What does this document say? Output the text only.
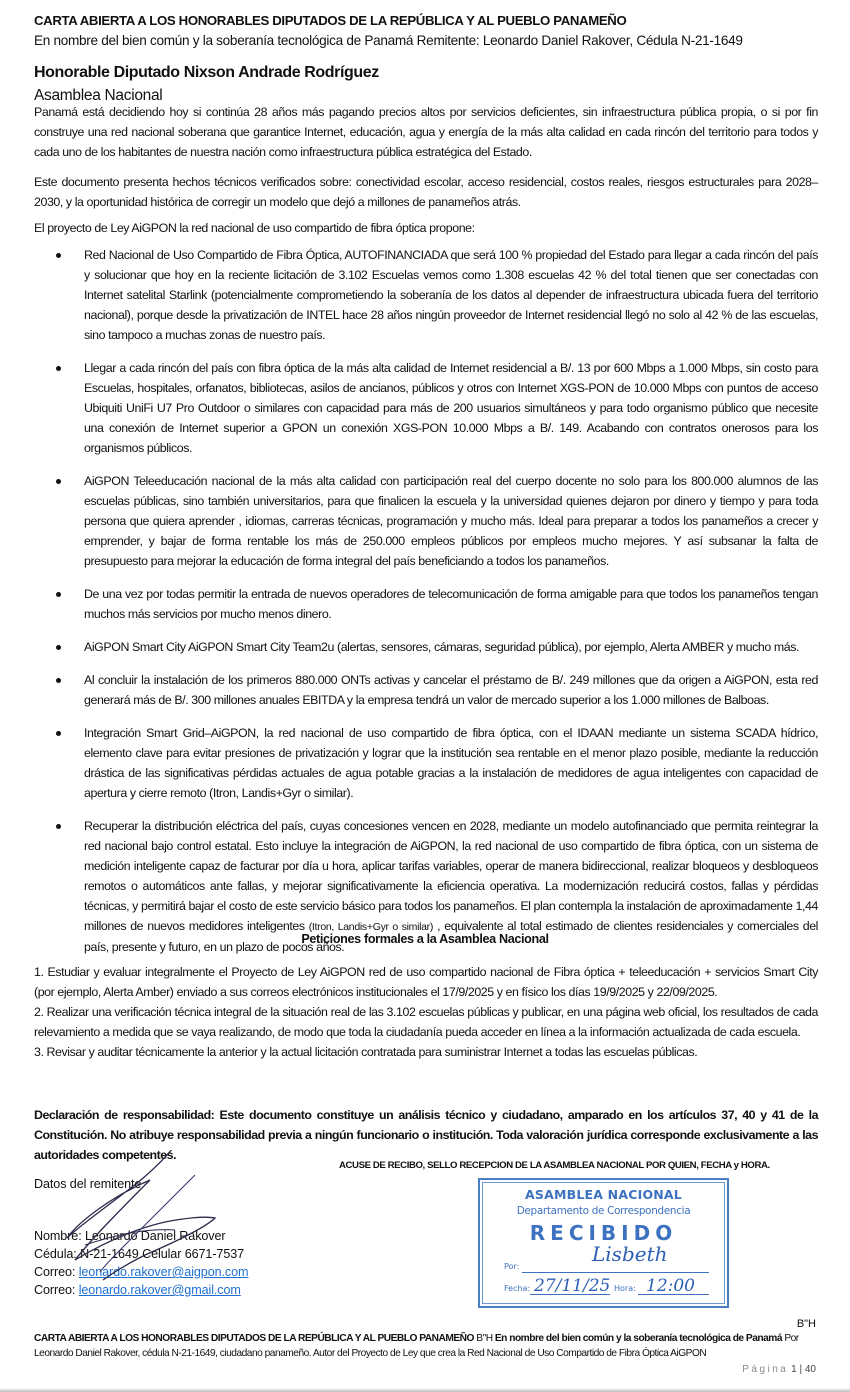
CARTA ABIERTA A LOS HONORABLES DIPUTADOS DE LA REPÚBLICA Y AL PUEBLO PANAMEÑO
En nombre del bien común y la soberanía tecnológica de Panamá Remitente: Leonardo Daniel Rakover, Cédula N-21-1649
Honorable Diputado Nixson Andrade Rodríguez
Asamblea Nacional

Panamá está decidiendo hoy si continúa 28 años más pagando precios altos por servicios deficientes, sin infraestructura pública propia, o si por fin construye una red nacional soberana que garantice Internet, educación, agua y energía de la más alta calidad en cada rincón del territorio para todos y cada uno de los habitantes de nuestra nación como infraestructura pública estratégica del Estado.

Este documento presenta hechos técnicos verificados sobre: conectividad escolar, acceso residencial, costos reales, riesgos estructurales para 2028–2030, y la oportunidad histórica de corregir un modelo que dejó a millones de panameños atrás.

El proyecto de Ley AiGPON la red nacional de uso compartido de fibra óptica propone:

Red Nacional de Uso Compartido de Fibra Óptica, AUTOFINANCIADA que será 100 % propiedad del Estado para llegar a cada rincón del país y solucionar que hoy en la reciente licitación de 3.102 Escuelas vemos como 1.308 escuelas 42 % del total tienen que ser conectadas con Internet satelital Starlink (potencialmente comprometiendo la soberanía de los datos al depender de infraestructura ubicada fuera del territorio nacional), porque desde la privatización de INTEL hace 28 años ningún proveedor de Internet residencial llegó no solo al 42 % de las escuelas, sino tampoco a muchas zonas de nuestro país.
Llegar a cada rincón del país con fibra óptica de la más alta calidad de Internet residencial a B/. 13 por 600 Mbps a 1.000 Mbps, sin costo para Escuelas, hospitales, orfanatos, bibliotecas, asilos de ancianos, públicos y otros con Internet XGS-PON de 10.000 Mbps con puntos de acceso Ubiquiti UniFi U7 Pro Outdoor o similares con capacidad para más de 200 usuarios simultáneos y para todo organismo público que necesite una conexión de Internet superior a GPON un conexión XGS-PON 10.000 Mbps a B/. 149. Acabando con contratos onerosos para los organismos públicos.
AiGPON Teleeducación nacional de la más alta calidad con participación real del cuerpo docente no solo para los 800.000 alumnos de las escuelas públicas, sino también universitarios, para que finalicen la escuela y la universidad quienes dejaron por dinero y tiempo y para toda persona que quiera aprender , idiomas, carreras técnicas, programación y mucho más. Ideal para preparar a todos los panameños a crecer y emprender, y bajar de forma rentable los más de 250.000 empleos públicos por empleos mucho mejores. Y así subsanar la falta de presupuesto para mejorar la educación de forma integral del país beneficiando a todos los panameños.
De una vez por todas permitir la entrada de nuevos operadores de telecomunicación de forma amigable para que todos los panameños tengan muchos más servicios por mucho menos dinero.
AiGPON Smart City AiGPON Smart City Team2u (alertas, sensores, cámaras, seguridad pública), por ejemplo, Alerta AMBER y mucho más.
Al concluir la instalación de los primeros 880.000 ONTs activas y cancelar el préstamo de B/. 249 millones que da origen a AiGPON, esta red generará más de B/. 300 millones anuales EBITDA y la empresa tendrá un valor de mercado superior a los 1.000 millones de Balboas.
Integración Smart Grid–AiGPON, la red nacional de uso compartido de fibra óptica, con el IDAAN mediante un sistema SCADA hídrico, elemento clave para evitar presiones de privatización y lograr que la institución sea rentable en el menor plazo posible, mediante la reducción drástica de las significativas pérdidas actuales de agua potable gracias a la instalación de medidores de agua inteligentes con capacidad de apertura y cierre remoto (Itron, Landis+Gyr o similar).
Recuperar la distribución eléctrica del país, cuyas concesiones vencen en 2028, mediante un modelo autofinanciado que permita reintegrar la red nacional bajo control estatal. Esto incluye la integración de AiGPON, la red nacional de uso compartido de fibra óptica, con un sistema de medición inteligente capaz de facturar por día u hora, aplicar tarifas variables, operar de manera bidireccional, realizar bloqueos y desbloqueos remotos o automáticos ante fallas, y mejorar significativamente la eficiencia operativa. La modernización reducirá costos, fallas y pérdidas técnicas, y permitirá bajar el costo de este servicio básico para todos los panameños. El plan contempla la instalación de aproximadamente 1,44 millones de nuevos medidores inteligentes (Itron, Landis+Gyr o similar) , equivalente al total estimado de clientes residenciales y comerciales del país, presente y futuro, en un plazo de pocos años.
Peticiones formales a la Asamblea Nacional

1. Estudiar y evaluar integralmente el Proyecto de Ley AiGPON red de uso compartido nacional de Fibra óptica + teleeducación + servicios Smart City (por ejemplo, Alerta Amber) enviado a sus correos electrónicos institucionales el 17/9/2025 y en físico los días 19/9/2025 y 22/09/2025.

2. Realizar una verificación técnica integral de la situación real de las 3.102 escuelas públicas y publicar, en una página web oficial, los resultados de cada relevamiento a medida que se vaya realizando, de modo que toda la ciudadanía pueda acceder en línea a la información actualizada de cada escuela.

3. Revisar y auditar técnicamente la anterior y la actual licitación contratada para suministrar Internet a todas las escuelas públicas.

Declaración de responsabilidad: Este documento constituye un análisis técnico y ciudadano, amparado en los artículos 37, 40 y 41 de la Constitución. No atribuye responsabilidad previa a ningún funcionario o institución. Toda valoración jurídica corresponde exclusivamente a las autoridades competentes.
ACUSE DE RECIBO, SELLO RECEPCION DE LA ASAMBLEA NACIONAL POR QUIEN, FECHA y HORA.
Datos del remitente
Nombre: Leonardo Daniel Rakover
Cédula: N-21-1649 Celular 6671-7537
Correo: leonardo.rakover@aigpon.com
Correo: leonardo.rakover@gmail.com
ASAMBLEA NACIONAL
Departamento de Correspondencia
RECIBIDO
Por:
Lisbeth
Fecha: 27/11/25 Hora: 12:00
B"H
CARTA ABIERTA A LOS HONORABLES DIPUTADOS DE LA REPÚBLICA Y AL PUEBLO PANAMEÑO B"H En nombre del bien común y la soberanía tecnológica de Panamá Por
Leonardo Daniel Rakover, cédula N-21-1649, ciudadano panameño. Autor del Proyecto de Ley que crea la Red Nacional de Uso Compartido de Fibra Óptica AiGPON
Página 1 | 40
